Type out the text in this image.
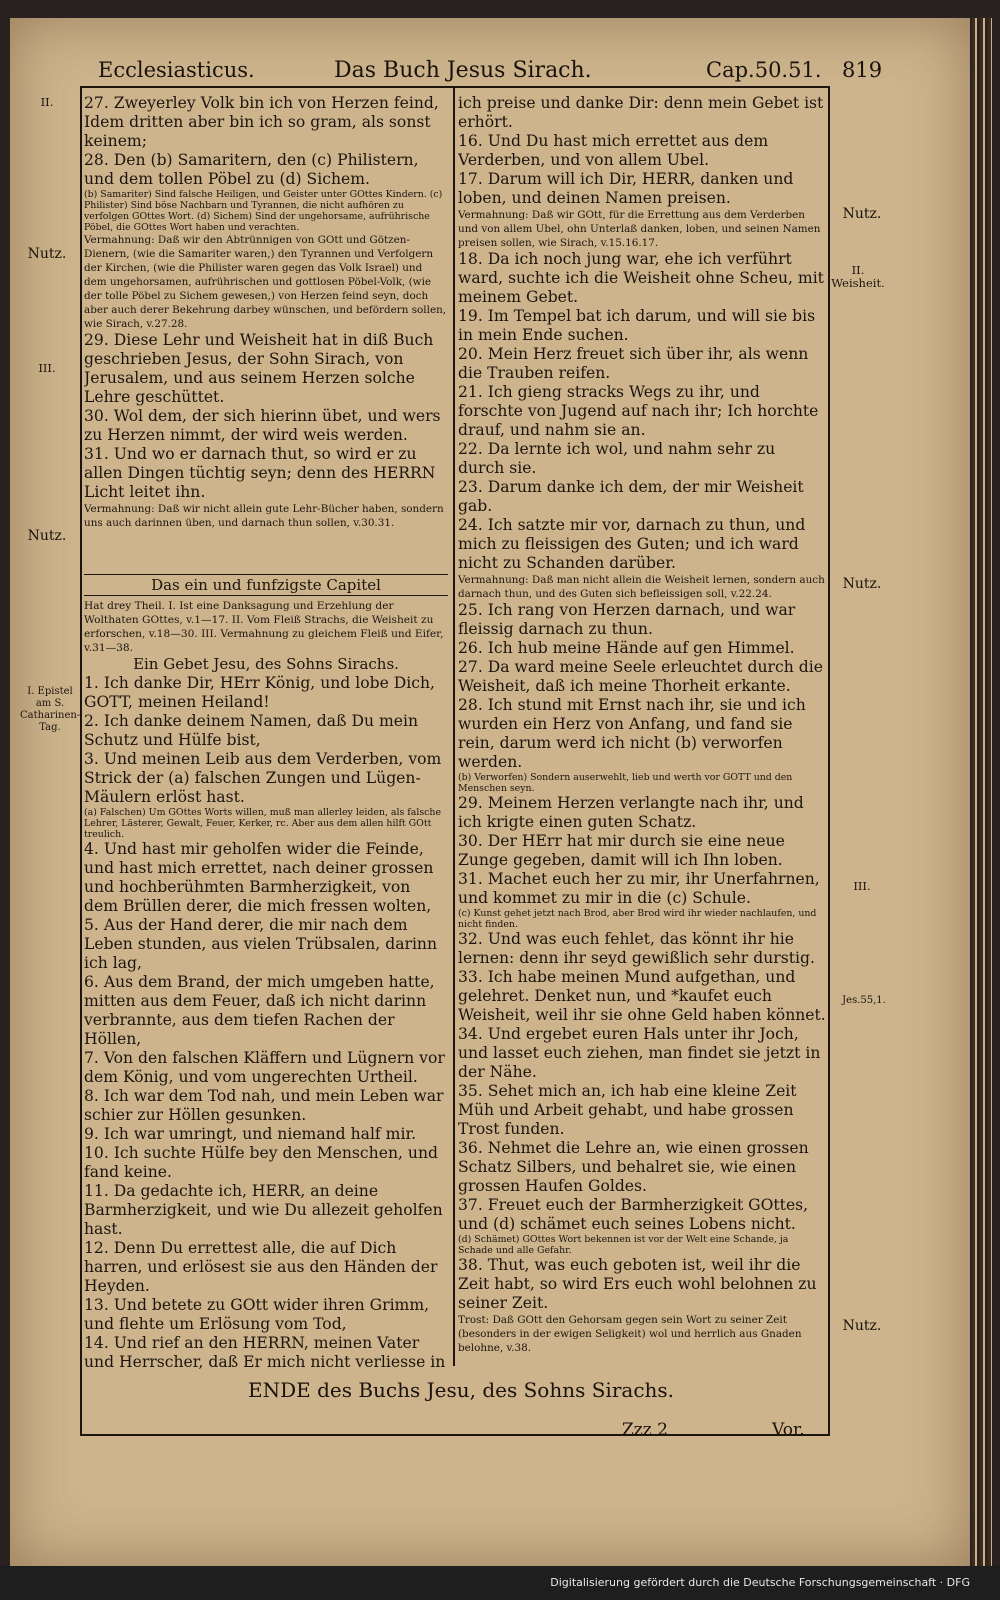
Ecclesiasticus.	Das Buch Jesus Sirach.	Cap.50.51. 819

27. Zweyerley Volk bin ich von Herzen feind, Idem dritten aber bin ich so gram, als sonst keinem;

28. Den (b) Samaritern, den (c) Philistern, und dem tollen Pöbel zu (d) Sichem.

(b) Samariter) Sind falsche Heiligen, und Geister unter GOttes Kindern. (c) Philister) Sind böse Nachbarn und Tyrannen, die nicht aufhören zu verfolgen GOttes Wort. (d) Sichem) Sind der ungehorsame, aufrührische Pöbel, die GOttes Wort haben und verachten.

Vermahnung: Daß wir den Abtrünnigen von GOtt und Götzen-Dienern, (wie die Samariter waren,) den Tyrannen und Verfolgern der Kirchen, (wie die Philister waren gegen das Volk Israel) und dem ungehorsamen, aufrührischen und gottlosen Pöbel-Volk, (wie der tolle Pöbel zu Sichem gewesen,) von Herzen feind seyn, doch aber auch derer Bekehrung darbey wünschen, und befördern sollen, wie Sirach, v.27.28.

29. Diese Lehr und Weisheit hat in diß Buch geschrieben Jesus, der Sohn Sirach, von Jerusalem, und aus seinem Herzen solche Lehre geschüttet.

30. Wol dem, der sich hierinn übet, und wers zu Herzen nimmt, der wird weis werden.

31. Und wo er darnach thut, so wird er zu allen Dingen tüchtig seyn; denn des HERRN Licht leitet ihn.

Vermahnung: Daß wir nicht allein gute Lehr-Bücher haben, sondern uns auch darinnen üben, und darnach thun sollen, v.30.31.

Das ein und funfzigste Capitel

Hat drey Theil. I. Ist eine Danksagung und Erzehlung der Wolthaten GOttes, v.1—17. II. Vom Fleiß Strachs, die Weisheit zu erforschen, v.18—30. III. Vermahnung zu gleichem Fleiß und Eifer, v.31—38.

Ein Gebet Jesu, des Sohns Sirachs.

1. Ich danke Dir, HErr König, und lobe Dich, GOTT, meinen Heiland!

2. Ich danke deinem Namen, daß Du mein Schutz und Hülfe bist,

3. Und meinen Leib aus dem Verderben, vom Strick der (a) falschen Zungen und Lügen-Mäulern erlöst hast.

(a) Falschen) Um GOttes Worts willen, muß man allerley leiden, als falsche Lehrer, Lästerer, Gewalt, Feuer, Kerker, rc. Aber aus dem allen hilft GOtt treulich.

4. Und hast mir geholfen wider die Feinde, und hast mich errettet, nach deiner grossen und hochberühmten Barmherzigkeit, von dem Brüllen derer, die mich fressen wolten,

5. Aus der Hand derer, die mir nach dem Leben stunden, aus vielen Trübsalen, darinn ich lag,

6. Aus dem Brand, der mich umgeben hatte, mitten aus dem Feuer, daß ich nicht darinn verbrannte, aus dem tiefen Rachen der Höllen,

7. Von den falschen Kläffern und Lügnern vor dem König, und vom ungerechten Urtheil.

8. Ich war dem Tod nah, und mein Leben war schier zur Höllen gesunken.

9. Ich war umringt, und niemand half mir.

10. Ich suchte Hülfe bey den Menschen, und fand keine.

11. Da gedachte ich, HERR, an deine Barmherzigkeit, und wie Du allezeit geholfen hast.

12. Denn Du errettest alle, die auf Dich harren, und erlösest sie aus den Händen der Heyden.

13. Und betete zu GOtt wider ihren Grimm, und flehte um Erlösung vom Tod,

14. Und rief an den HERRN, meinen Vater und Herrscher, daß Er mich nicht verliesse in

ich preise und danke Dir: denn mein Gebet ist erhört.

16. Und Du hast mich errettet aus dem Verderben, und von allem Ubel.

17. Darum will ich Dir, HERR, danken und loben, und deinen Namen preisen.

Vermahnung: Daß wir GOtt, für die Errettung aus dem Verderben und von allem Ubel, ohn Unterlaß danken, loben, und seinen Namen preisen sollen, wie Sirach, v.15.16.17.

18. Da ich noch jung war, ehe ich verführt ward, suchte ich die Weisheit ohne Scheu, mit meinem Gebet.

19. Im Tempel bat ich darum, und will sie bis in mein Ende suchen.

20. Mein Herz freuet sich über ihr, als wenn die Trauben reifen.

21. Ich gieng stracks Wegs zu ihr, und forschte von Jugend auf nach ihr; Ich horchte drauf, und nahm sie an.

22. Da lernte ich wol, und nahm sehr zu durch sie.

23. Darum danke ich dem, der mir Weisheit gab.

24. Ich satzte mir vor, darnach zu thun, und mich zu fleissigen des Guten; und ich ward nicht zu Schanden darüber.

Vermahnung: Daß man nicht allein die Weisheit lernen, sondern auch darnach thun, und des Guten sich befleissigen soll, v.22.24.

25. Ich rang von Herzen darnach, und war fleissig darnach zu thun.

26. Ich hub meine Hände auf gen Himmel.

27. Da ward meine Seele erleuchtet durch die Weisheit, daß ich meine Thorheit erkante.

28. Ich stund mit Ernst nach ihr, sie und ich wurden ein Herz von Anfang, und fand sie rein, darum werd ich nicht (b) verworfen werden.

(b) Verworfen) Sondern auserwehlt, lieb und werth vor GOTT und den Menschen seyn.

29. Meinem Herzen verlangte nach ihr, und ich krigte einen guten Schatz.

30. Der HErr hat mir durch sie eine neue Zunge gegeben, damit will ich Ihn loben.

31. Machet euch her zu mir, ihr Unerfahrnen, und kommet zu mir in die (c) Schule.

(c) Kunst gehet jetzt nach Brod, aber Brod wird ihr wieder nachlaufen, und nicht finden.

32. Und was euch fehlet, das könnt ihr hie lernen: denn ihr seyd gewißlich sehr durstig.

33. Ich habe meinen Mund aufgethan, und gelehret. Denket nun, und *kaufet euch Weisheit, weil ihr sie ohne Geld haben könnet.

34. Und ergebet euren Hals unter ihr Joch, und lasset euch ziehen, man findet sie jetzt in der Nähe.

35. Sehet mich an, ich hab eine kleine Zeit Müh und Arbeit gehabt, und habe grossen Trost funden.

36. Nehmet die Lehre an, wie einen grossen Schatz Silbers, und behalret sie, wie einen grossen Haufen Goldes.

37. Freuet euch der Barmherzigkeit GOttes, und (d) schämet euch seines Lobens nicht.

(d) Schämet) GOttes Wort bekennen ist vor der Welt eine Schande, ja Schade und alle Gefahr.

38. Thut, was euch geboten ist, weil ihr die Zeit habt, so wird Ers euch wohl belohnen zu seiner Zeit.

Trost: Daß GOtt den Gehorsam gegen sein Wort zu seiner Zeit (besonders in der ewigen Seligkeit) wol und herrlich aus Gnaden belohne, v.38.

II.
Nutz.
III.
Nutz.
I. Epistel am S. Catharinen-Tag.
Nutz.
II. Weisheit.
Nutz.
III.
Jes.55,1.
Nutz.
ENDE des Buchs Jesu, des Sohns Sirachs.
Zzz 2	Vor.
Digitalisierung gefördert durch die Deutsche Forschungsgemeinschaft · DFG
